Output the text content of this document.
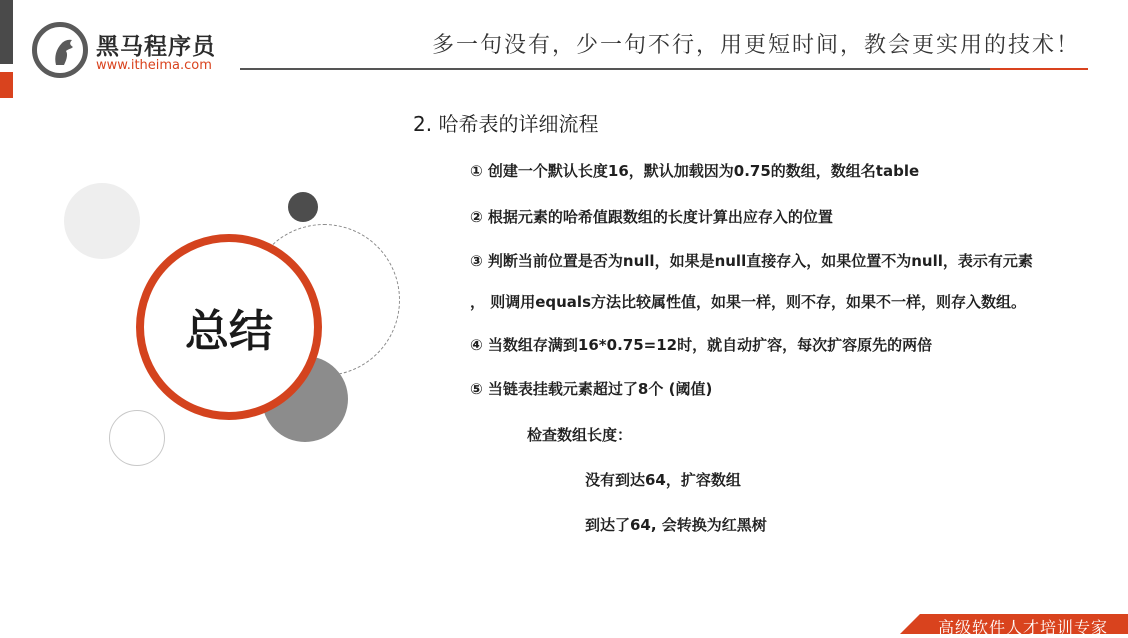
黑马程序员
www.itheima.com
多一句没有，少一句不行，用更短时间，教会更实用的技术！
总结
2. 哈希表的详细流程
① 创建一个默认长度16，默认加载因为0.75的数组，数组名table
② 根据元素的哈希值跟数组的长度计算出应存入的位置
③ 判断当前位置是否为null，如果是null直接存入，如果位置不为null，表示有元素
， 则调用equals方法比较属性值，如果一样，则不存，如果不一样，则存入数组。
④ 当数组存满到16*0.75=12时，就自动扩容，每次扩容原先的两倍
⑤ 当链表挂载元素超过了8个 (阈值)
检查数组长度：
没有到达64，扩容数组
到达了64, 会转换为红黑树
高级软件人才培训专家
